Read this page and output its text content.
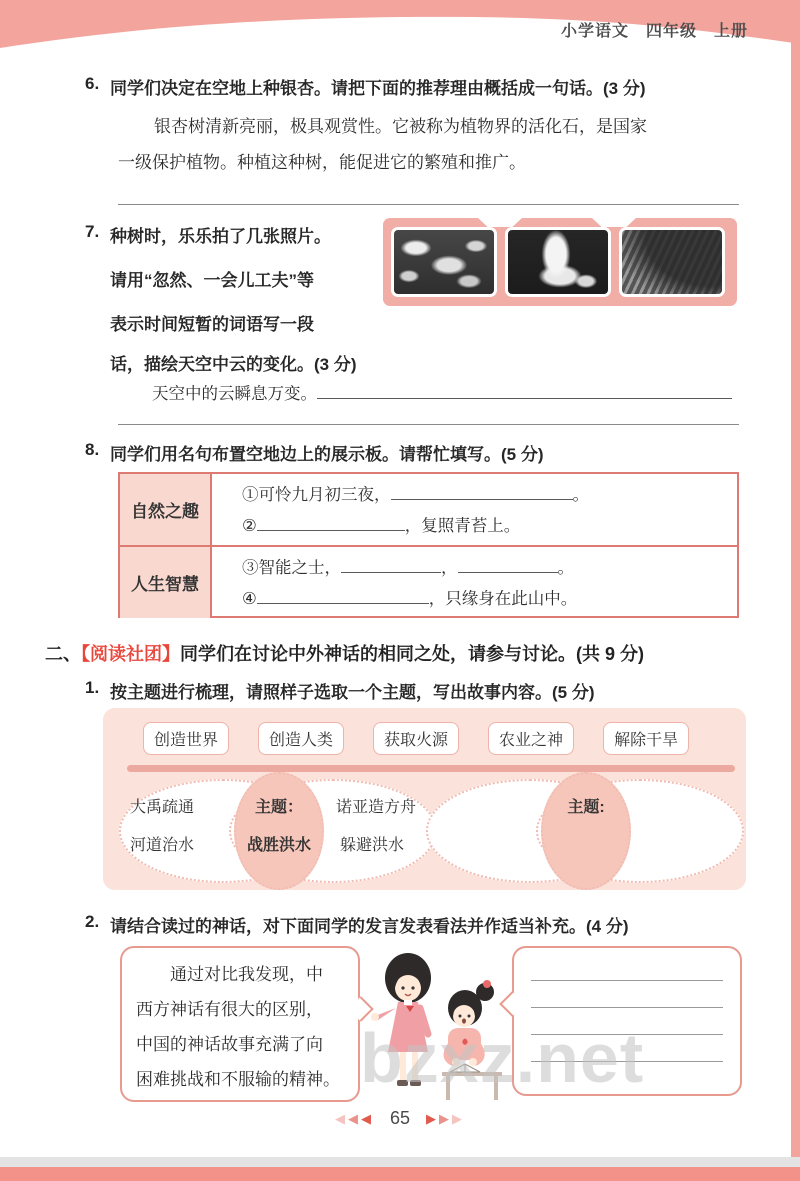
小学语文　四年级　上册
6. 同学们决定在空地上种银杏。请把下面的推荐理由概括成一句话。(3 分)
银杏树清新亮丽，极具观赏性。它被称为植物界的活化石，是国家
一级保护植物。种植这种树，能促进它的繁殖和推广。
7. 种树时，乐乐拍了几张照片。
请用“忽然、一会儿工夫”等
表示时间短暂的词语写一段
话，描绘天空中云的变化。(3 分)
天空中的云瞬息万变。
8. 同学们用名句布置空地边上的展示板。请帮忙填写。(5 分)
自然之趣
①可怜九月初三夜，	。
②	，复照青苔上。
人生智慧
③智能之士，	，	。
④	，只缘身在此山中。
二、【阅读社团】同学们在讨论中外神话的相同之处，请参与讨论。(共 9 分)
1. 按主题进行梳理，请照样子选取一个主题，写出故事内容。(5 分)
创造世界	创造人类	获取火源	农业之神	解除干旱
大禹疏通
河道治水
主题：
战胜洪水
诺亚造方舟
躲避洪水
主题:
2. 请结合读过的神话，对下面同学的发言发表看法并作适当补充。(4 分)
通过对比我发现，中
西方神话有很大的区别，
中国的神话故事充满了向
困难挑战和不服输的精神。 bzxz.net
◀◀◀ 65 ▶▶▶
